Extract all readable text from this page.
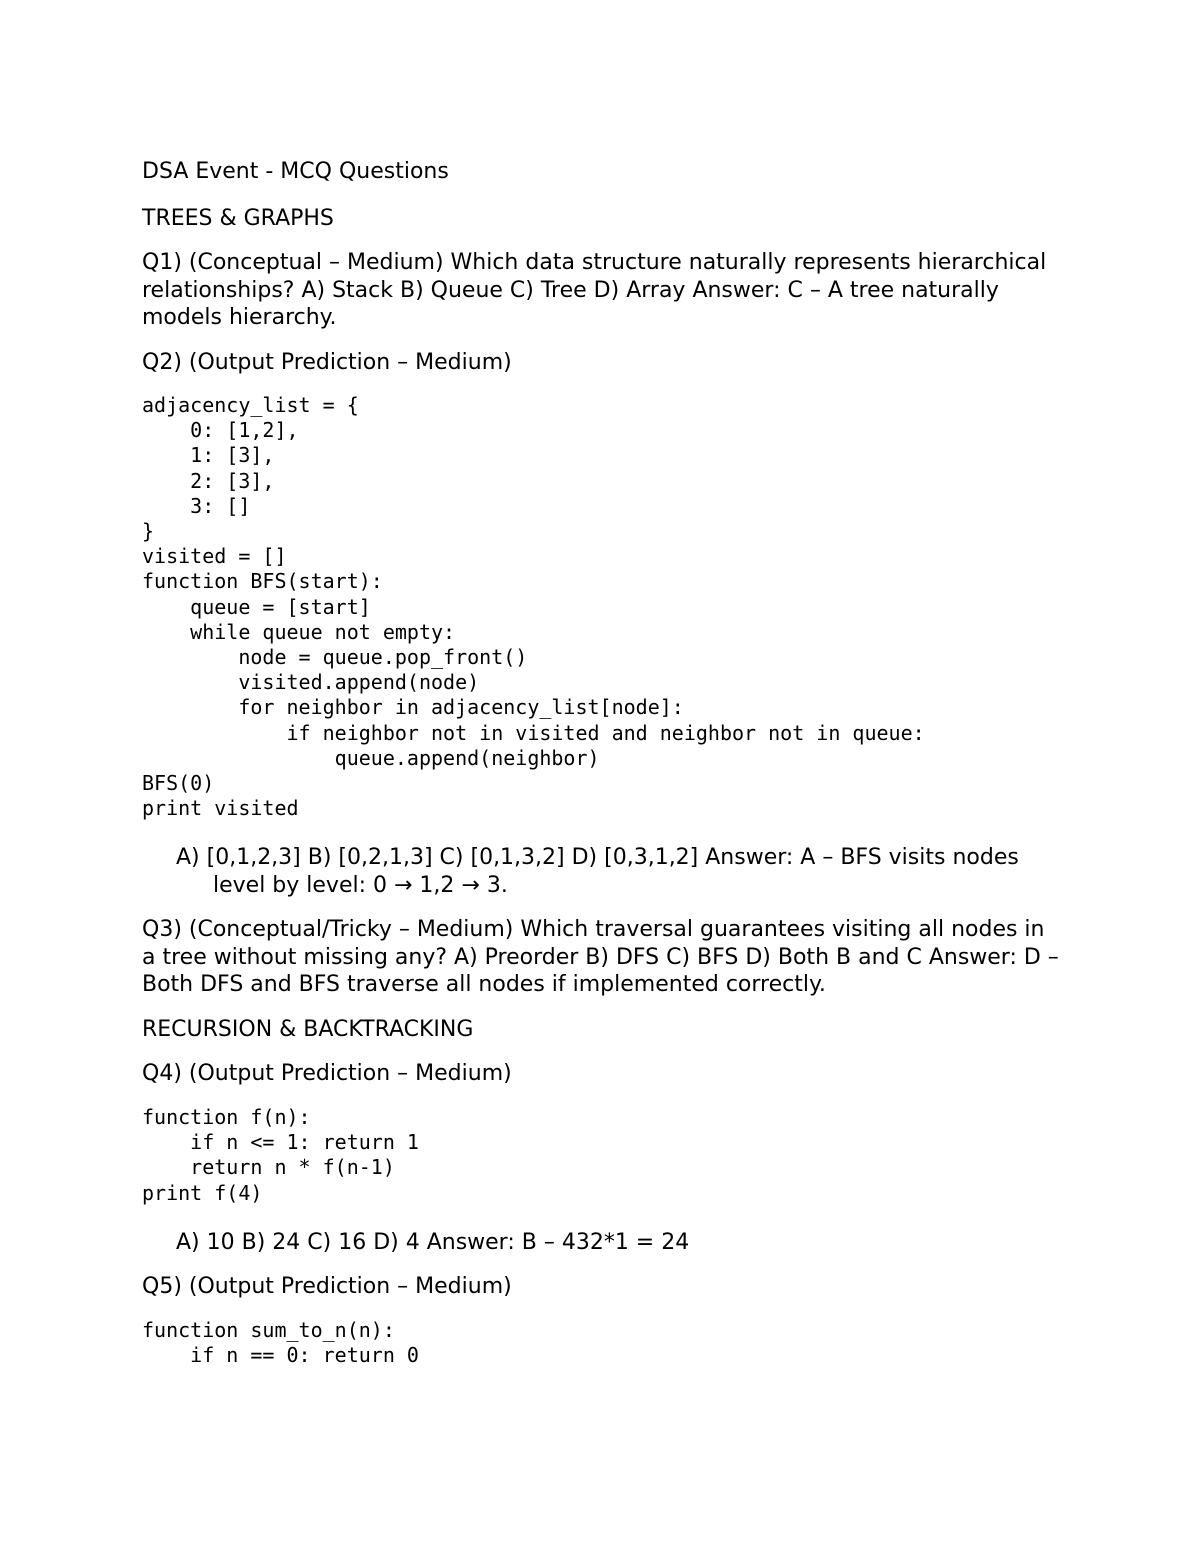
DSA Event - MCQ Questions
TREES & GRAPHS
Q1) (Conceptual – Medium) Which data structure naturally represents hierarchical relationships? A) Stack B) Queue C) Tree D) Array Answer: C – A tree naturally models hierarchy.
Q2) (Output Prediction – Medium)
adjacency_list = {
0: [1,2],
1: [3],
2: [3],
3: []
}
visited = []
function BFS(start):
queue = [start]
while queue not empty:
node = queue.pop_front()
visited.append(node)
for neighbor in adjacency_list[node]:
if neighbor not in visited and neighbor not in queue:
queue.append(neighbor)
BFS(0)
print visited
A) [0,1,2,3] B) [0,2,1,3] C) [0,1,3,2] D) [0,3,1,2] Answer: A – BFS visits nodes level by level: 0 → 1,2 → 3.
Q3) (Conceptual/Tricky – Medium) Which traversal guarantees visiting all nodes in a tree without missing any? A) Preorder B) DFS C) BFS D) Both B and C Answer: D – Both DFS and BFS traverse all nodes if implemented correctly.
RECURSION & BACKTRACKING
Q4) (Output Prediction – Medium)
function f(n):
if n <= 1: return 1
return n * f(n-1)
print f(4)
A) 10 B) 24 C) 16 D) 4 Answer: B – 432*1 = 24
Q5) (Output Prediction – Medium)
function sum_to_n(n):
if n == 0: return 0
